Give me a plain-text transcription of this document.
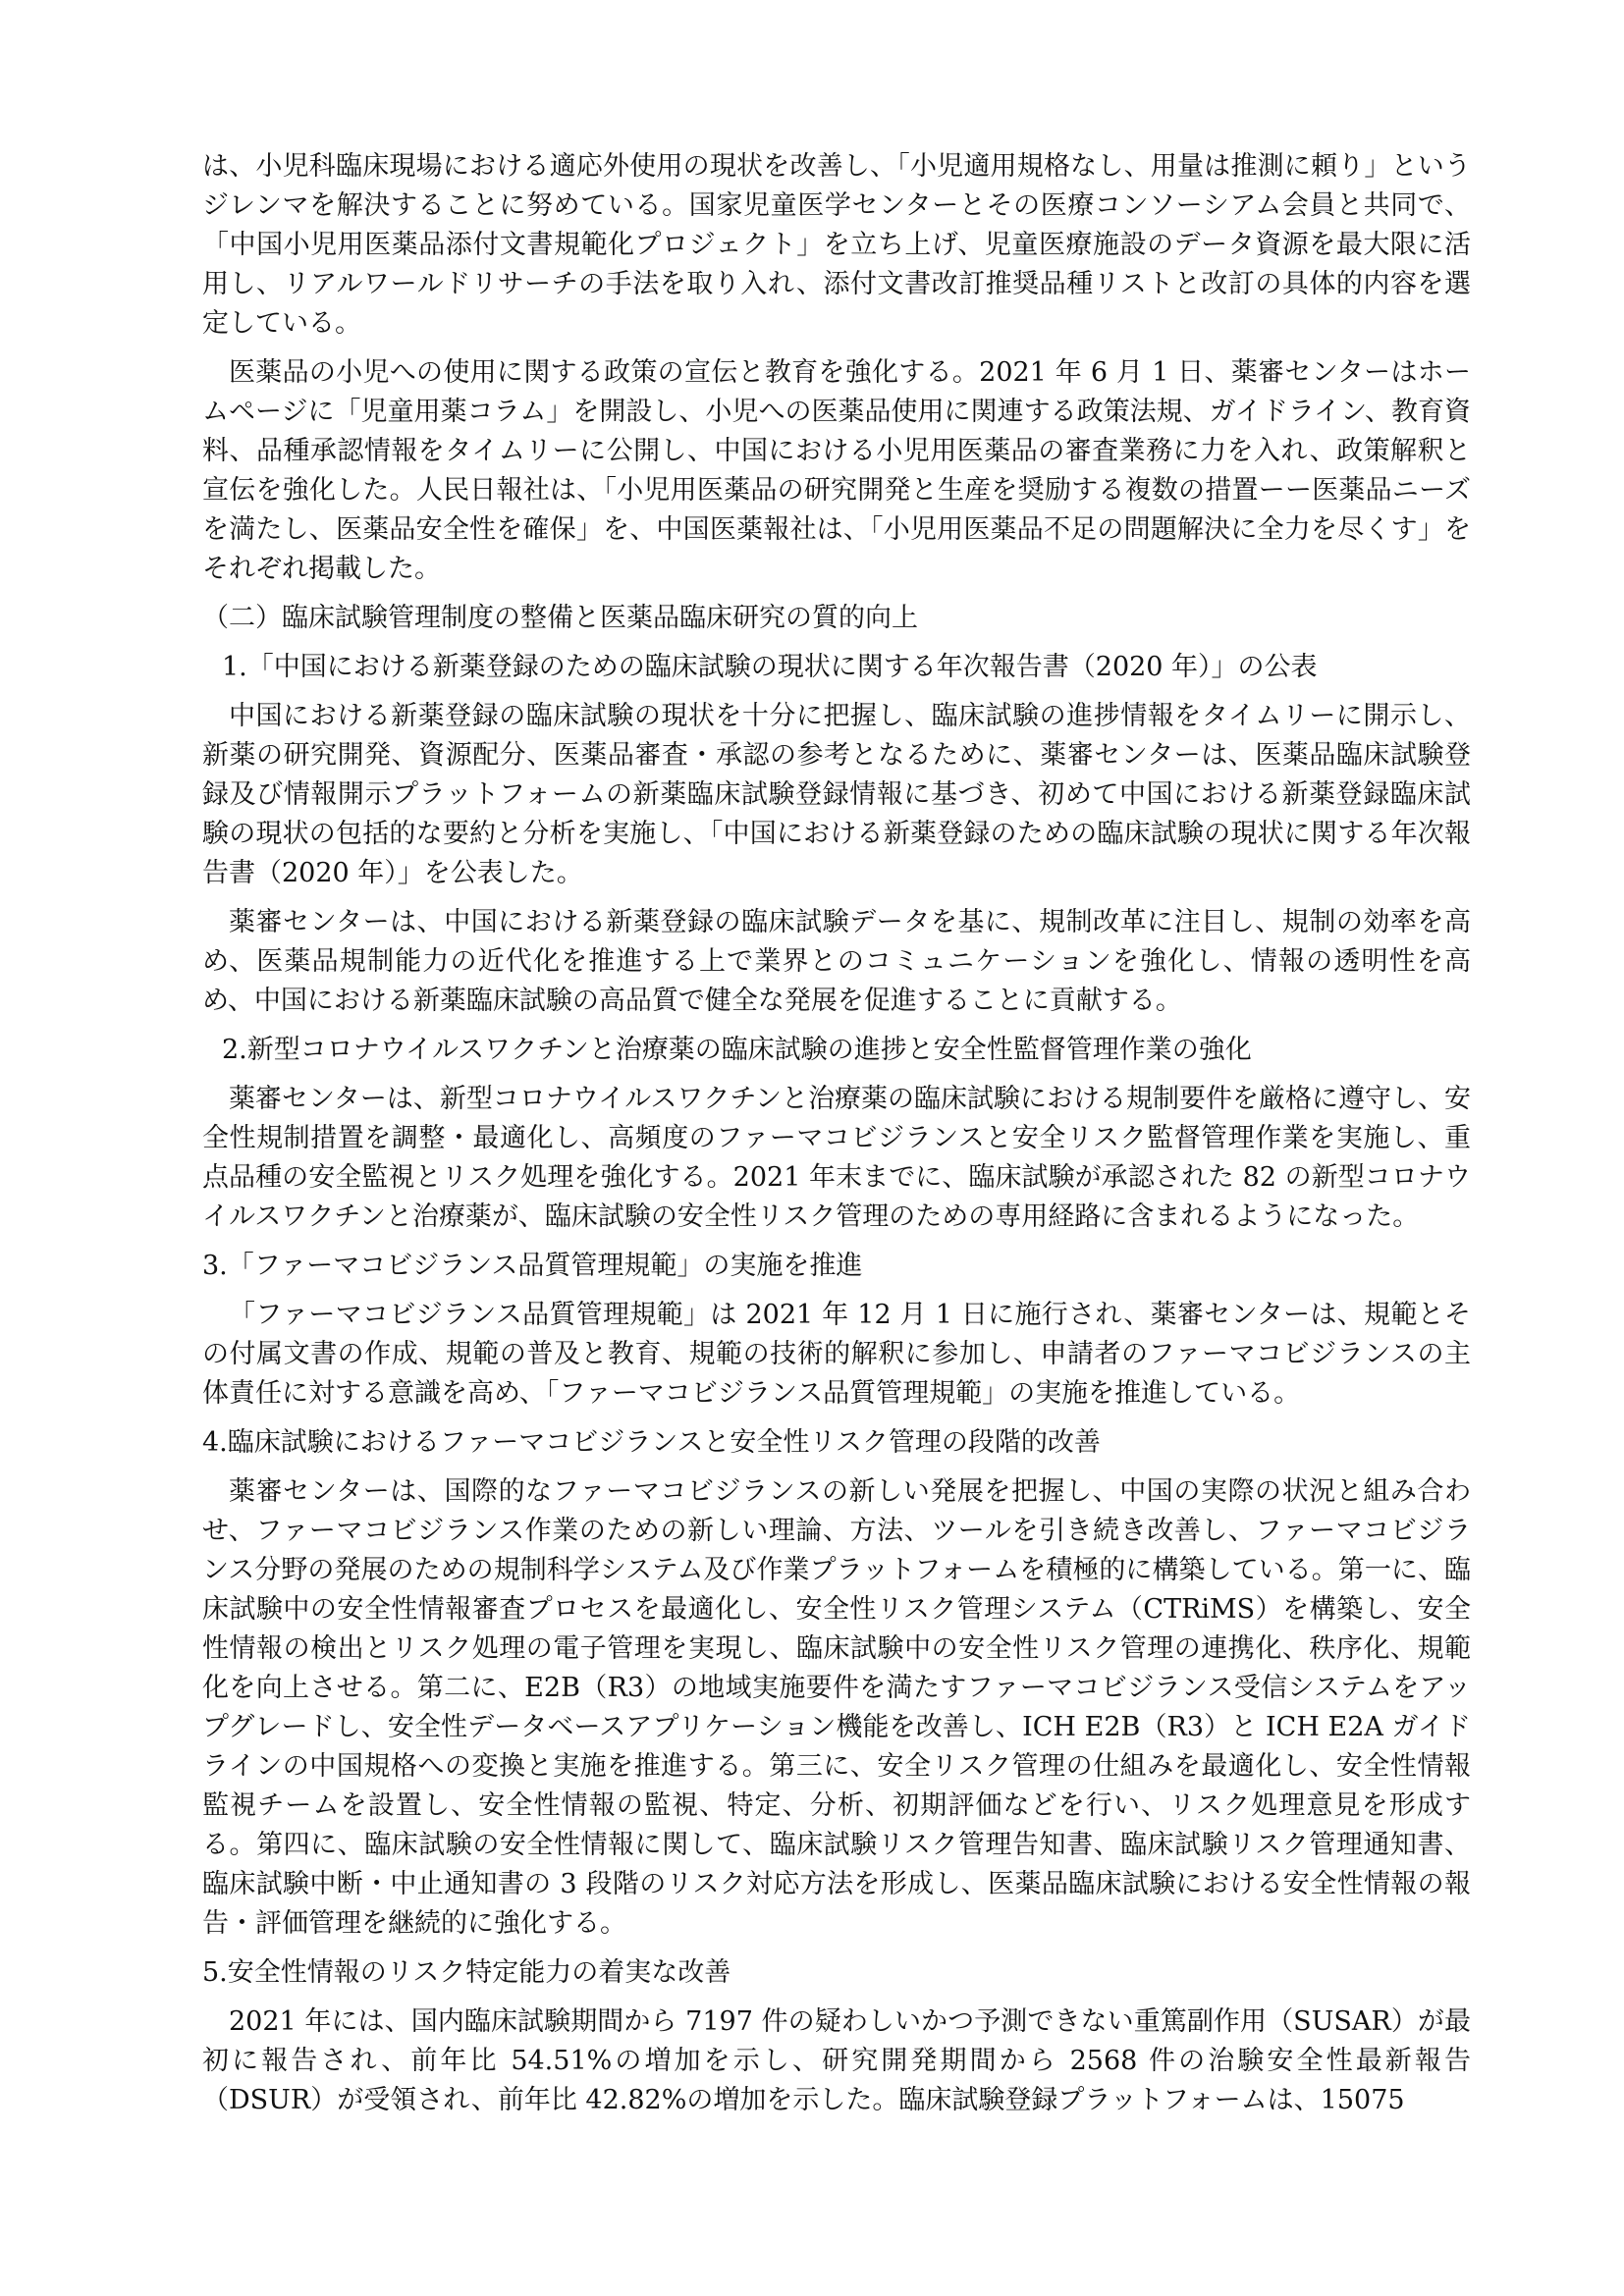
は、小児科臨床現場における適応外使用の現状を改善し、「小児適用規格なし、用量は推測に頼り」というジレンマを解決することに努めている。国家児童医学センターとその医療コンソーシアム会員と共同で、「中国小児用医薬品添付文書規範化プロジェクト」を立ち上げ、児童医療施設のデータ資源を最大限に活用し、リアルワールドリサーチの手法を取り入れ、添付文書改訂推奨品種リストと改訂の具体的内容を選定している。

医薬品の小児への使用に関する政策の宣伝と教育を強化する。2021 年 6 月 1 日、薬審センターはホームページに「児童用薬コラム」を開設し、小児への医薬品使用に関連する政策法規、ガイドライン、教育資料、品種承認情報をタイムリーに公開し、中国における小児用医薬品の審査業務に力を入れ、政策解釈と宣伝を強化した。人民日報社は、「小児用医薬品の研究開発と生産を奨励する複数の措置ーー医薬品ニーズを満たし、医薬品安全性を確保」を、中国医薬報社は、「小児用医薬品不足の問題解決に全力を尽くす」をそれぞれ掲載した。

（二）臨床試験管理制度の整備と医薬品臨床研究の質的向上

1.「中国における新薬登録のための臨床試験の現状に関する年次報告書（2020 年）」の公表

中国における新薬登録の臨床試験の現状を十分に把握し、臨床試験の進捗情報をタイムリーに開示し、新薬の研究開発、資源配分、医薬品審査・承認の参考となるために、薬審センターは、医薬品臨床試験登録及び情報開示プラットフォームの新薬臨床試験登録情報に基づき、初めて中国における新薬登録臨床試験の現状の包括的な要約と分析を実施し、「中国における新薬登録のための臨床試験の現状に関する年次報告書（2020 年）」を公表した。

薬審センターは、中国における新薬登録の臨床試験データを基に、規制改革に注目し、規制の効率を高め、医薬品規制能力の近代化を推進する上で業界とのコミュニケーションを強化し、情報の透明性を高め、中国における新薬臨床試験の高品質で健全な発展を促進することに貢献する。

2.新型コロナウイルスワクチンと治療薬の臨床試験の進捗と安全性監督管理作業の強化

薬審センターは、新型コロナウイルスワクチンと治療薬の臨床試験における規制要件を厳格に遵守し、安全性規制措置を調整・最適化し、高頻度のファーマコビジランスと安全リスク監督管理作業を実施し、重点品種の安全監視とリスク処理を強化する。2021 年末までに、臨床試験が承認された 82 の新型コロナウイルスワクチンと治療薬が、臨床試験の安全性リスク管理のための専用経路に含まれるようになった。

3.「ファーマコビジランス品質管理規範」の実施を推進

「ファーマコビジランス品質管理規範」は 2021 年 12 月 1 日に施行され、薬審センターは、規範とその付属文書の作成、規範の普及と教育、規範の技術的解釈に参加し、申請者のファーマコビジランスの主体責任に対する意識を高め、「ファーマコビジランス品質管理規範」の実施を推進している。

4.臨床試験におけるファーマコビジランスと安全性リスク管理の段階的改善

薬審センターは、国際的なファーマコビジランスの新しい発展を把握し、中国の実際の状況と組み合わせ、ファーマコビジランス作業のための新しい理論、方法、ツールを引き続き改善し、ファーマコビジランス分野の発展のための規制科学システム及び作業プラットフォームを積極的に構築している。第一に、臨床試験中の安全性情報審査プロセスを最適化し、安全性リスク管理システム（CTRiMS）を構築し、安全性情報の検出とリスク処理の電子管理を実現し、臨床試験中の安全性リスク管理の連携化、秩序化、規範化を向上させる。第二に、E2B（R3）の地域実施要件を満たすファーマコビジランス受信システムをアップグレードし、安全性データベースアプリケーション機能を改善し、ICH E2B（R3）と ICH E2A ガイドラインの中国規格への変換と実施を推進する。第三に、安全リスク管理の仕組みを最適化し、安全性情報監視チームを設置し、安全性情報の監視、特定、分析、初期評価などを行い、リスク処理意見を形成する。第四に、臨床試験の安全性情報に関して、臨床試験リスク管理告知書、臨床試験リスク管理通知書、臨床試験中断・中止通知書の 3 段階のリスク対応方法を形成し、医薬品臨床試験における安全性情報の報告・評価管理を継続的に強化する。

5.安全性情報のリスク特定能力の着実な改善

2021 年には、国内臨床試験期間から 7197 件の疑わしいかつ予測できない重篤副作用（SUSAR）が最初に報告され、前年比 54.51%の増加を示し、研究開発期間から 2568 件の治験安全性最新報告（DSUR）が受領され、前年比 42.82%の増加を示した。臨床試験登録プラットフォームは、15075
